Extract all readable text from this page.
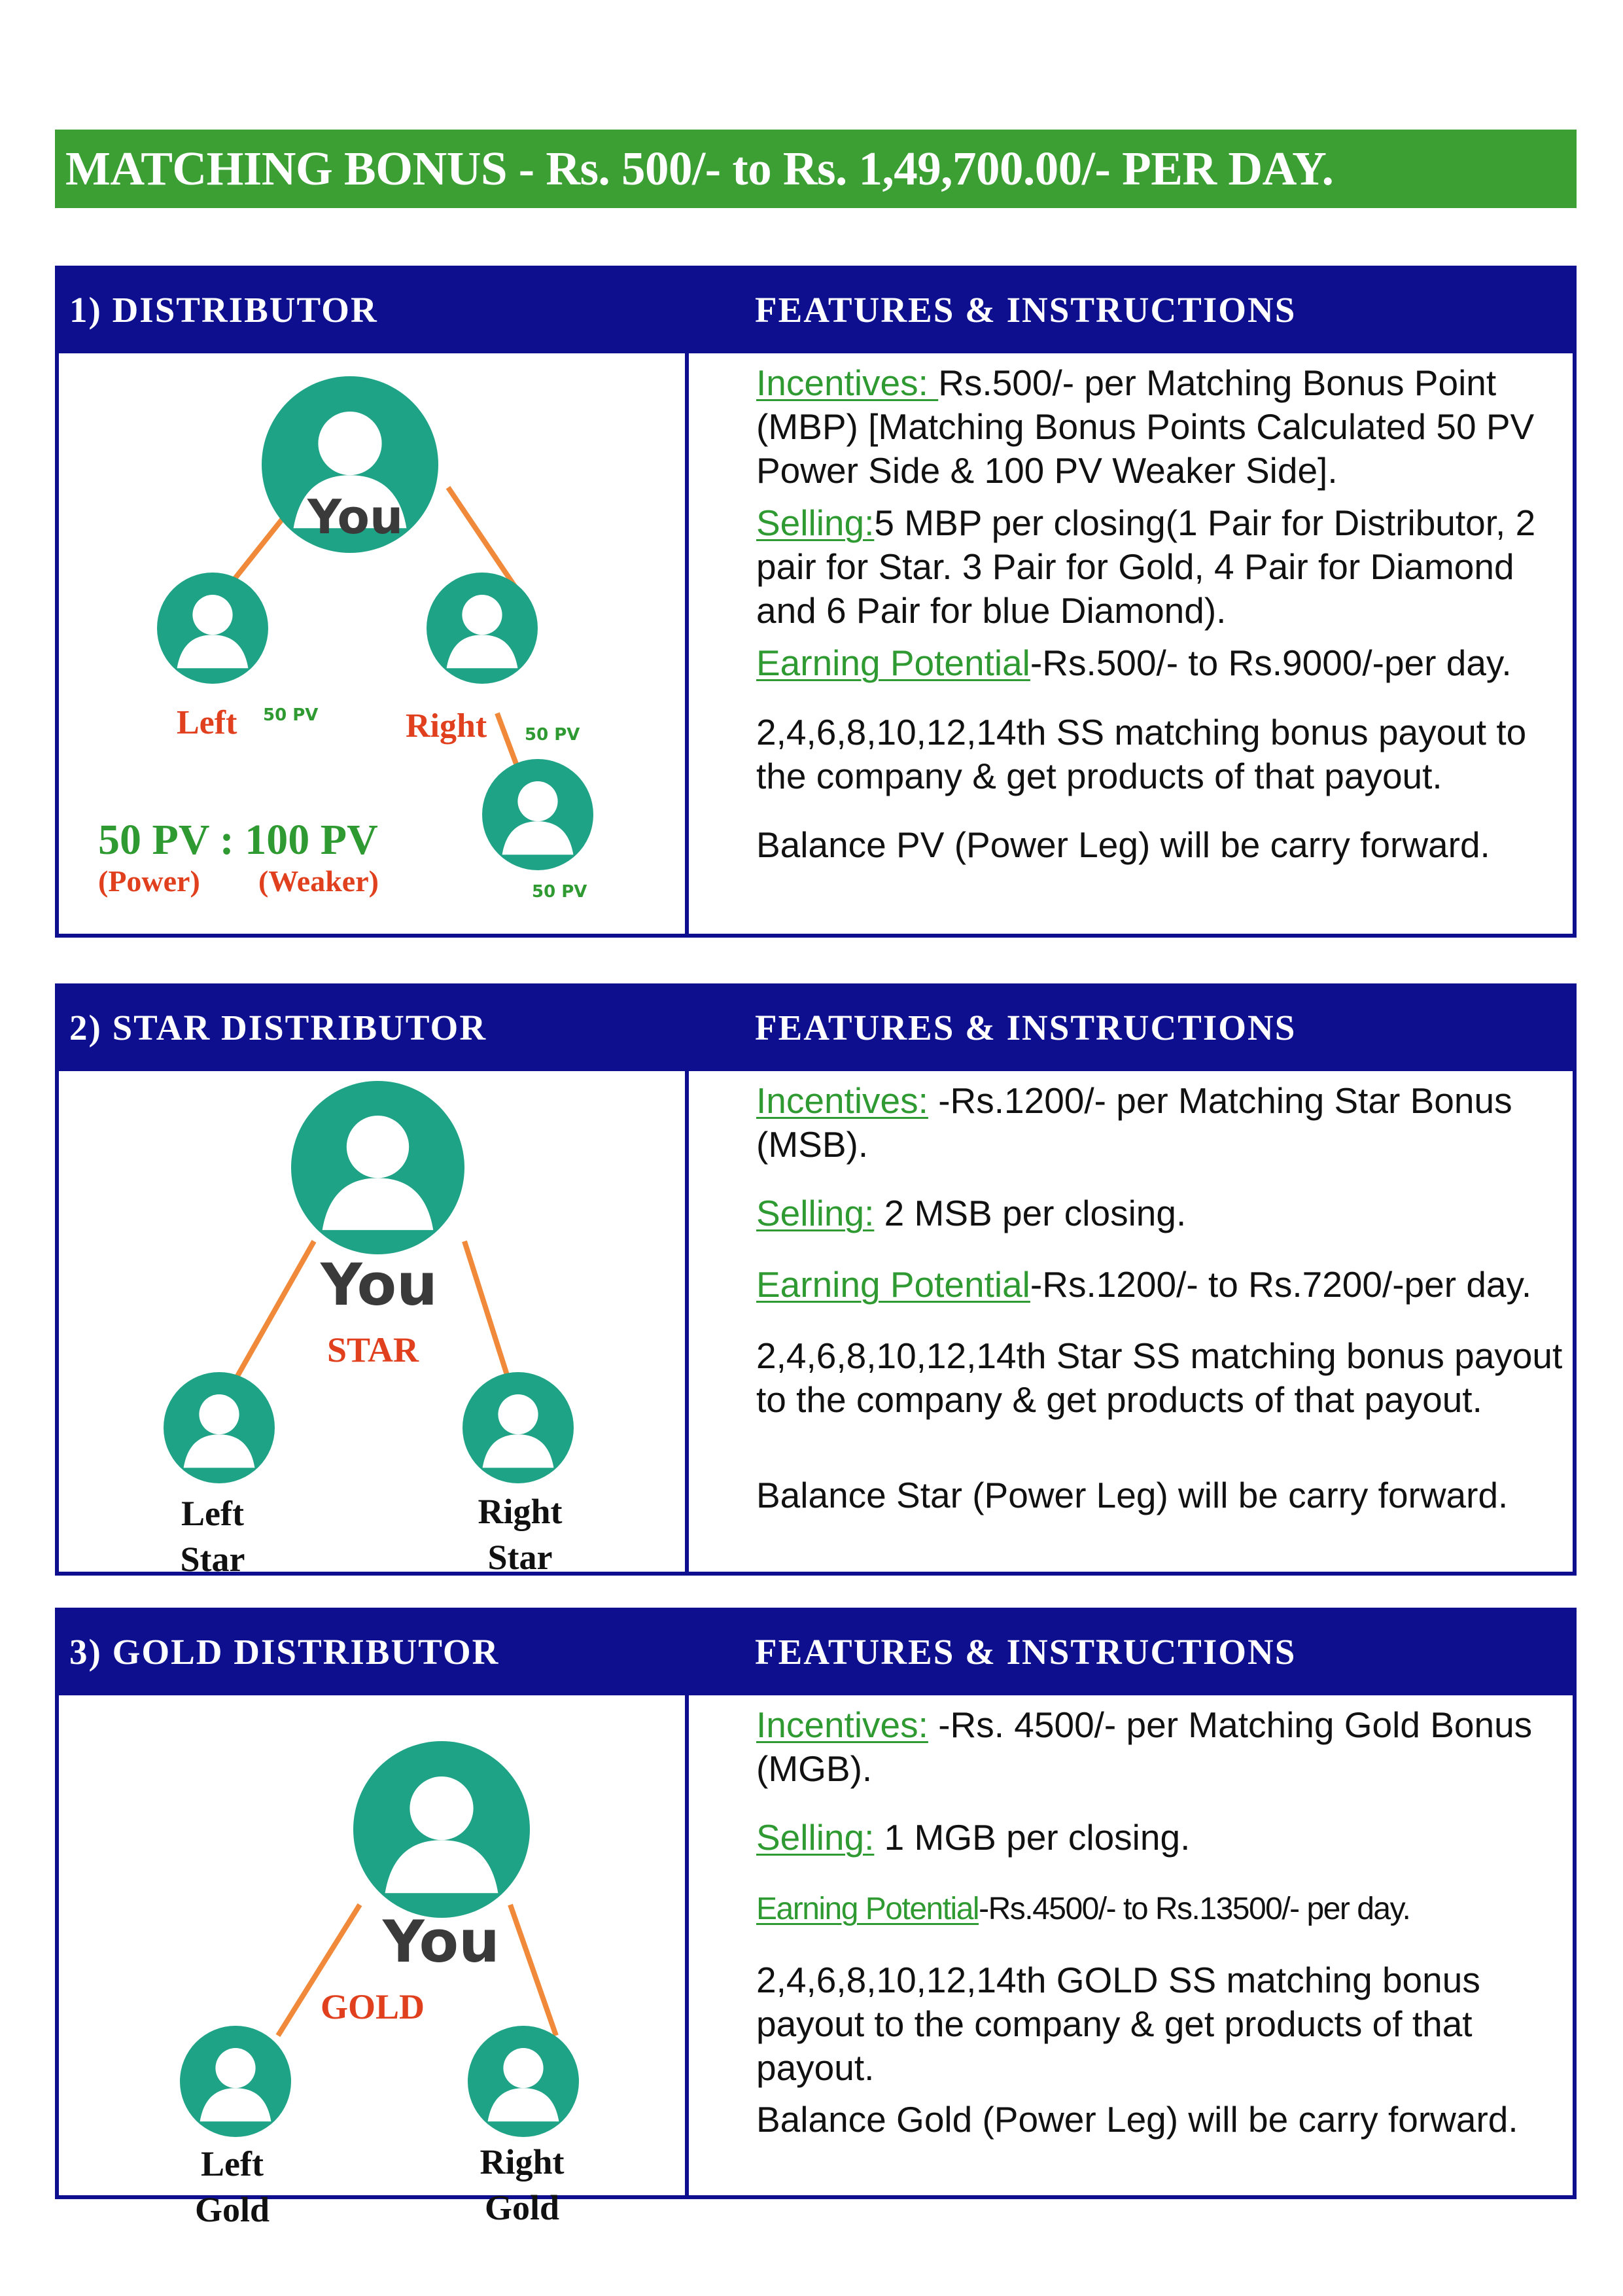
MATCHING BONUS - Rs. 500/- to Rs. 1,49,700.00/- PER DAY.
1) DISTRIBUTOR	FEATURES & INSTRUCTIONS
You
Left 50 PV	Right 50 PV
50 PV
50 PV : 100 PV
(Power) (Weaker)

Incentives: Rs.500/- per Matching Bonus Point (MBP) [Matching Bonus Points Calculated 50 PV Power Side & 100 PV Weaker Side].

Selling:5 MBP per closing(1 Pair for Distributor, 2 pair for Star. 3 Pair for Gold, 4 Pair for Diamond and 6 Pair for blue Diamond).

Earning Potential-Rs.500/- to Rs.9000/-per day.

2,4,6,8,10,12,14th SS matching bonus payout to the company & get products of that payout.

Balance PV (Power Leg) will be carry forward.

2) STAR DISTRIBUTOR	FEATURES & INSTRUCTIONS
You
STAR
Left
Star
Right
Star

Incentives: -Rs.1200/- per Matching Star Bonus (MSB).

Selling: 2 MSB per closing.

Earning Potential-Rs.1200/- to Rs.7200/-per day.

2,4,6,8,10,12,14th Star SS matching bonus payout to the company & get products of that payout.

Balance Star (Power Leg) will be carry forward.

3) GOLD DISTRIBUTOR	FEATURES & INSTRUCTIONS
You
GOLD
Left
Gold
Right
Gold

Incentives: -Rs. 4500/- per Matching Gold Bonus (MGB).

Selling: 1 MGB per closing.

Earning Potential-Rs.4500/- to Rs.13500/- per day.

2,4,6,8,10,12,14th GOLD SS matching bonus payout to the company & get products of that payout.

Balance Gold (Power Leg) will be carry forward.
